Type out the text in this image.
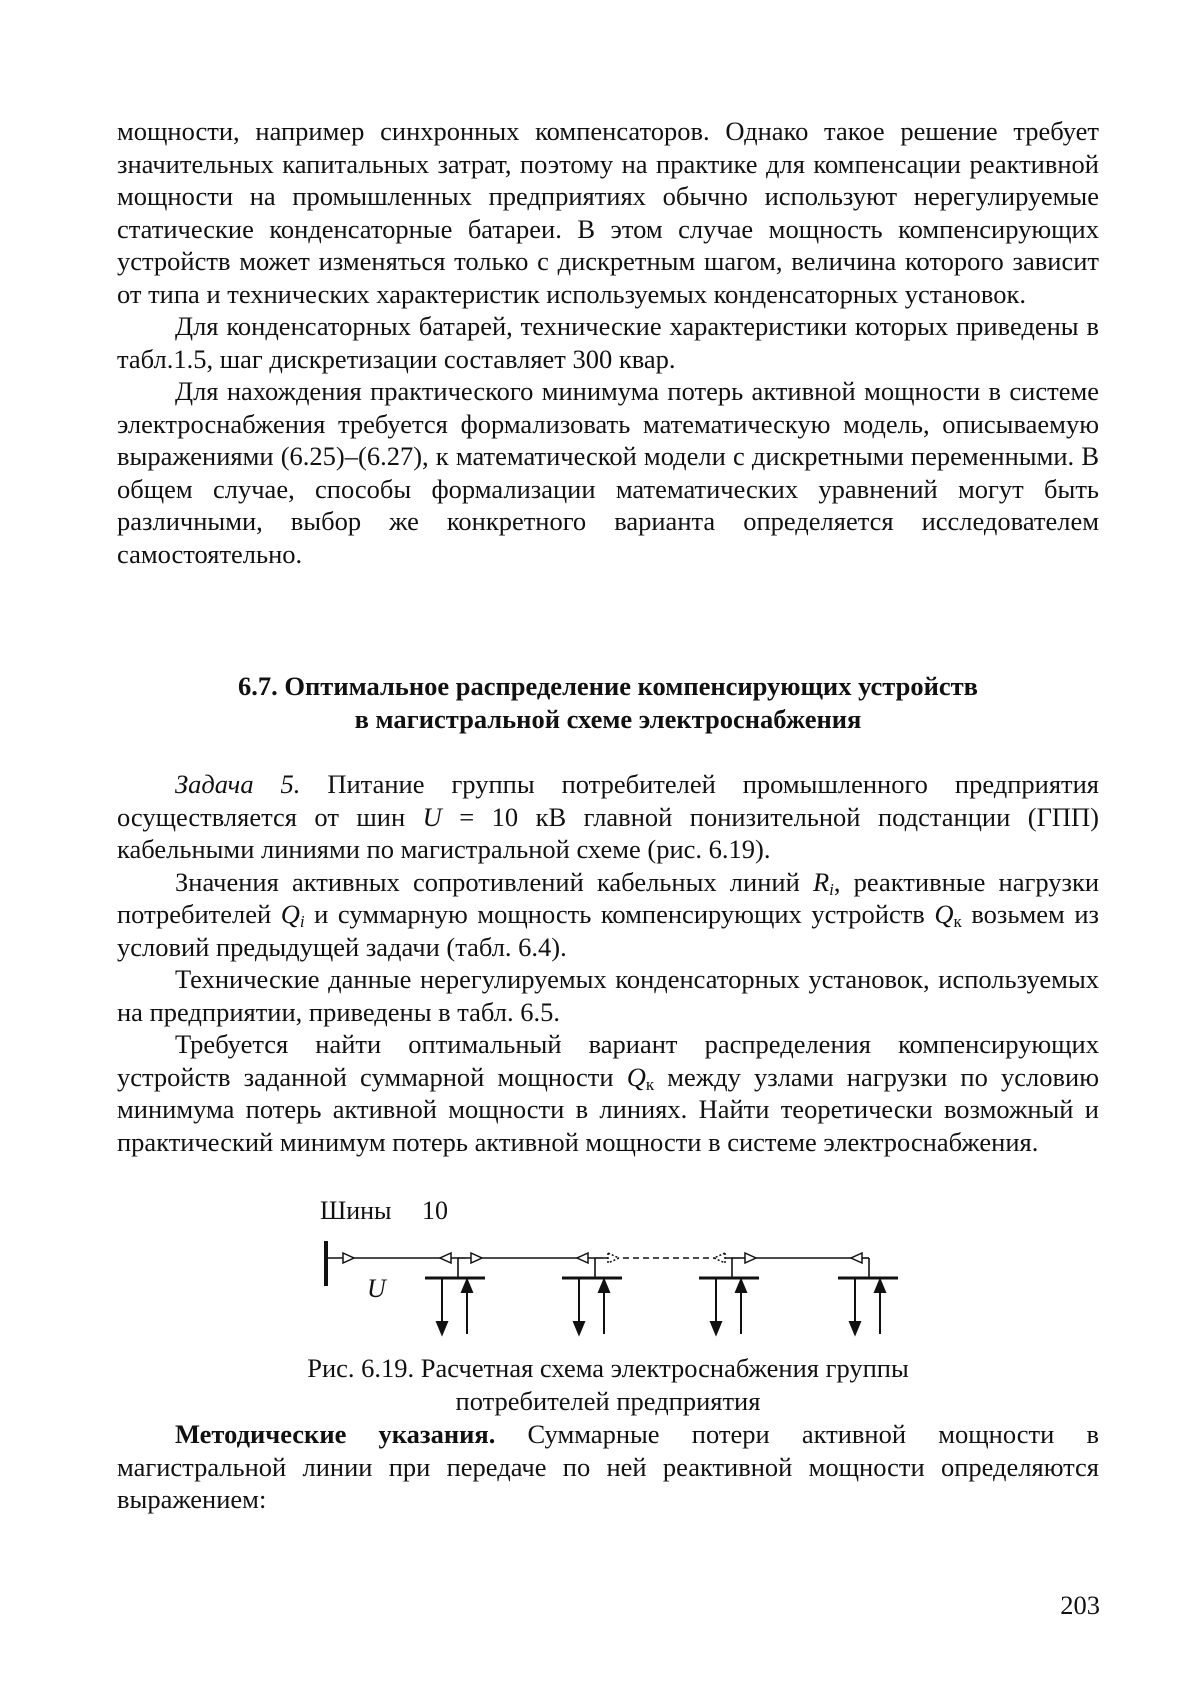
мощности, например синхронных компенсаторов. Однако такое решение требует значительных капитальных затрат, поэтому на практике для компенсации реактивной мощности на промышленных предприятиях обычно используют нерегулируемые статические конденсаторные батареи. В этом случае мощность компенсирующих устройств может изменяться только с дискретным шагом, величина которого зависит от типа и технических характеристик используемых конденсаторных установок.

Для конденсаторных батарей, технические характеристики которых приведены в табл.1.5, шаг дискретизации составляет 300 квар.

Для нахождения практического минимума потерь активной мощности в системе электроснабжения требуется формализовать математическую модель, описываемую выражениями (6.25)–(6.27), к математической модели с дискретными переменными. В общем случае, способы формализации математических уравнений могут быть различными, выбор же конкретного варианта определяется исследователем самостоятельно.

6.7. Оптимальное распределение компенсирующих устройств
в магистральной схеме электроснабжения

Задача 5. Питание группы потребителей промышленного предприятия осуществляется от шин U = 10 кВ главной понизительной подстанции (ГПП) кабельными линиями по магистральной схеме (рис. 6.19).

Значения активных сопротивлений кабельных линий $R_i$, реактивные нагрузки потребителей $Q_i$ и суммарную мощность компенсирующих устройств $Q_к$ возьмем из условий предыдущей задачи (табл. 6.4).

Технические данные нерегулируемых конденсаторных установок, используемых на предприятии, приведены в табл. 6.5.

Требуется найти оптимальный вариант распределения компенсирующих устройств заданной суммарной мощности $Q_к$ между узлами нагрузки по условию минимума потерь активной мощности в линиях. Найти теоретически возможный и практический минимум потерь активной мощности в системе электроснабжения.

Шины 10
U
Рис. 6.19. Расчетная схема электроснабжения группы
потребителей предприятия

Методические указания. Суммарные потери активной мощности в магистральной линии при передаче по ней реактивной мощности определяются выражением:

203
